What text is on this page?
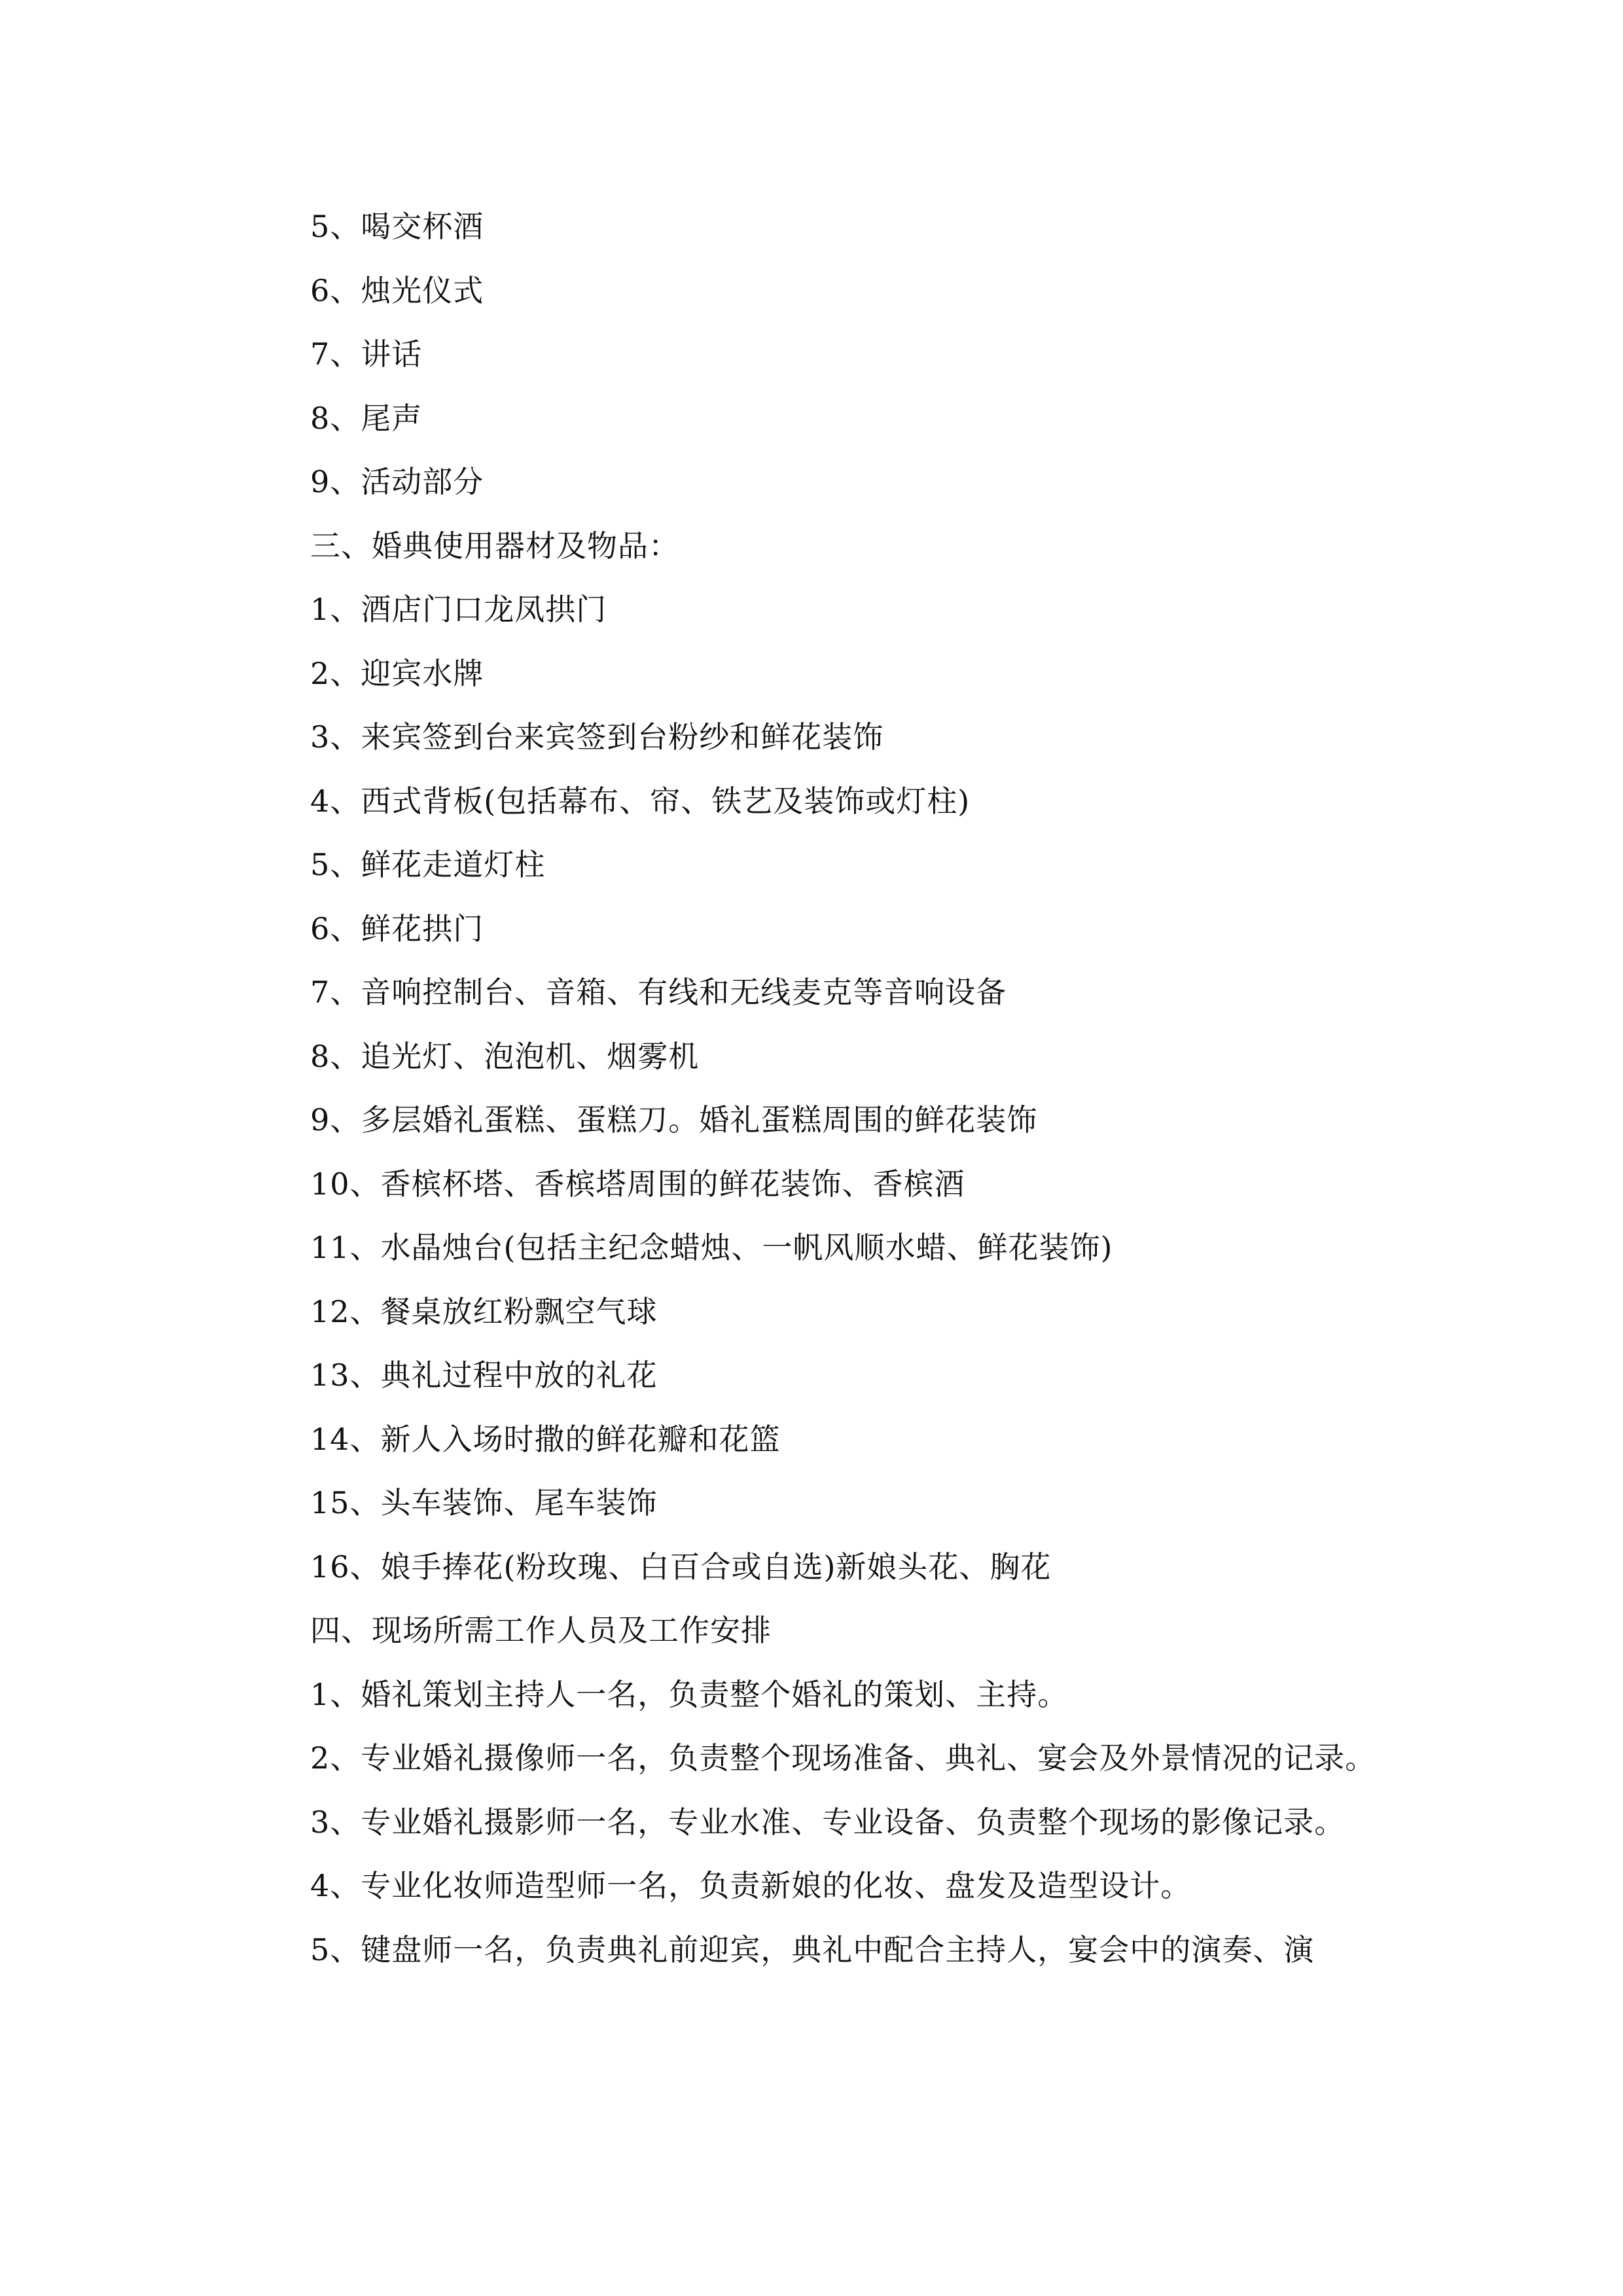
5、喝交杯酒
6、烛光仪式
7、讲话
8、尾声
9、活动部分
三、婚典使用器材及物品：
1、酒店门口龙凤拱门
2、迎宾水牌
3、来宾签到台来宾签到台粉纱和鲜花装饰
4、西式背板(包括幕布、帘、铁艺及装饰或灯柱)
5、鲜花走道灯柱
6、鲜花拱门
7、音响控制台、音箱、有线和无线麦克等音响设备
8、追光灯、泡泡机、烟雾机
9、多层婚礼蛋糕、蛋糕刀。婚礼蛋糕周围的鲜花装饰
10、香槟杯塔、香槟塔周围的鲜花装饰、香槟酒
11、水晶烛台(包括主纪念蜡烛、一帆风顺水蜡、鲜花装饰)
12、餐桌放红粉飘空气球
13、典礼过程中放的礼花
14、新人入场时撒的鲜花瓣和花篮
15、头车装饰、尾车装饰
16、娘手捧花(粉玫瑰、白百合或自选)新娘头花、胸花
四、现场所需工作人员及工作安排
1、婚礼策划主持人一名，负责整个婚礼的策划、主持。
2、专业婚礼摄像师一名，负责整个现场准备、典礼、宴会及外景情况的记录。
3、专业婚礼摄影师一名，专业水准、专业设备、负责整个现场的影像记录。
4、专业化妆师造型师一名，负责新娘的化妆、盘发及造型设计。
5、键盘师一名，负责典礼前迎宾，典礼中配合主持人，宴会中的演奏、演
